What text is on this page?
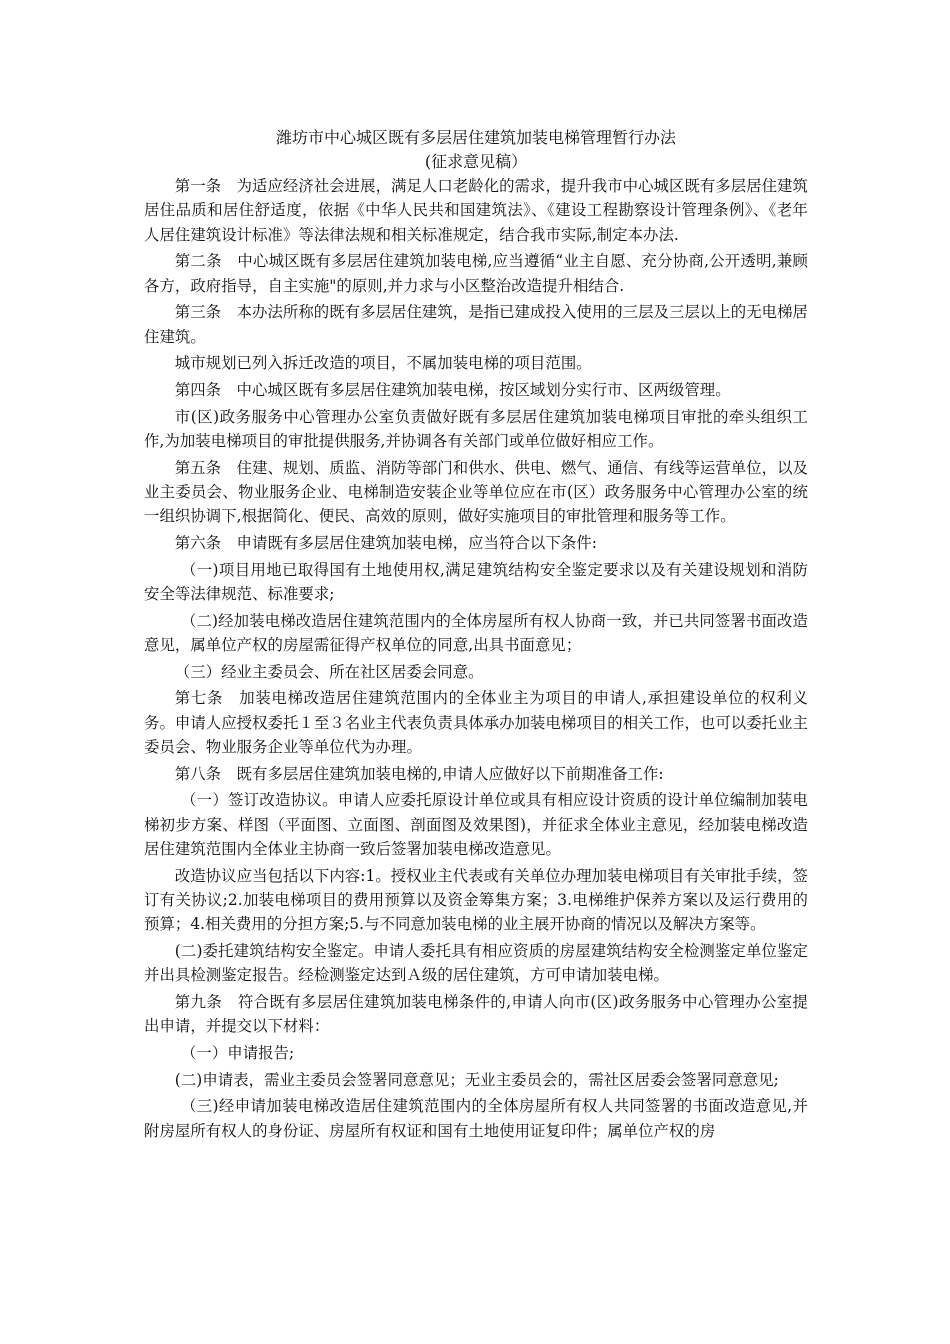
潍坊市中心城区既有多层居住建筑加装电梯管理暂行办法
(征求意见稿）

第一条　为适应经济社会进展，满足人口老龄化的需求，提升我市中心城区既有多层居住建筑居住品质和居住舒适度，依据《中华人民共和国建筑法》、《建设工程勘察设计管理条例》、《老年人居住建筑设计标准》等法律法规和相关标准规定，结合我市实际,制定本办法.

第二条　中心城区既有多层居住建筑加装电梯,应当遵循“业主自愿、充分协商,公开透明,兼顾各方，政府指导，自主实施"的原则,并力求与小区整治改造提升相结合.

第三条　本办法所称的既有多层居住建筑，是指已建成投入使用的三层及三层以上的无电梯居住建筑。

城市规划已列入拆迁改造的项目，不属加装电梯的项目范围。

第四条　中心城区既有多层居住建筑加装电梯，按区域划分实行市、区两级管理。

市(区)政务服务中心管理办公室负责做好既有多层居住建筑加装电梯项目审批的牵头组织工作,为加装电梯项目的审批提供服务,并协调各有关部门或单位做好相应工作。

第五条　住建、规划、质监、消防等部门和供水、供电、燃气、通信、有线等运营单位，以及业主委员会、物业服务企业、电梯制造安装企业等单位应在市(区）政务服务中心管理办公室的统一组织协调下,根据简化、便民、高效的原则，做好实施项目的审批管理和服务等工作。

第六条　申请既有多层居住建筑加装电梯，应当符合以下条件:

（一)项目用地已取得国有土地使用权,满足建筑结构安全鉴定要求以及有关建设规划和消防安全等法律规范、标准要求;

（二)经加装电梯改造居住建筑范围内的全体房屋所有权人协商一致，并已共同签署书面改造意见，属单位产权的房屋需征得产权单位的同意,出具书面意见；

（三）经业主委员会、所在社区居委会同意。

第七条　加装电梯改造居住建筑范围内的全体业主为项目的申请人,承担建设单位的权利义务。申请人应授权委托１至３名业主代表负责具体承办加装电梯项目的相关工作，也可以委托业主委员会、物业服务企业等单位代为办理。

第八条　既有多层居住建筑加装电梯的,申请人应做好以下前期准备工作:

（一）签订改造协议。申请人应委托原设计单位或具有相应设计资质的设计单位编制加装电梯初步方案、样图（平面图、立面图、剖面图及效果图)，并征求全体业主意见，经加装电梯改造居住建筑范围内全体业主协商一致后签署加装电梯改造意见。

改造协议应当包括以下内容:1。授权业主代表或有关单位办理加装电梯项目有关审批手续，签订有关协议;2.加装电梯项目的费用预算以及资金筹集方案；3.电梯维护保养方案以及运行费用的预算；4.相关费用的分担方案;5.与不同意加装电梯的业主展开协商的情况以及解决方案等。

(二)委托建筑结构安全鉴定。申请人委托具有相应资质的房屋建筑结构安全检测鉴定单位鉴定并出具检测鉴定报告。经检测鉴定达到Ａ级的居住建筑，方可申请加装电梯。

第九条　符合既有多层居住建筑加装电梯条件的,申请人向市(区)政务服务中心管理办公室提出申请，并提交以下材料：

（一）申请报告;

(二)申请表，需业主委员会签署同意意见；无业主委员会的，需社区居委会签署同意意见;

（三)经申请加装电梯改造居住建筑范围内的全体房屋所有权人共同签署的书面改造意见,并附房屋所有权人的身份证、房屋所有权证和国有土地使用证复印件；属单位产权的房
